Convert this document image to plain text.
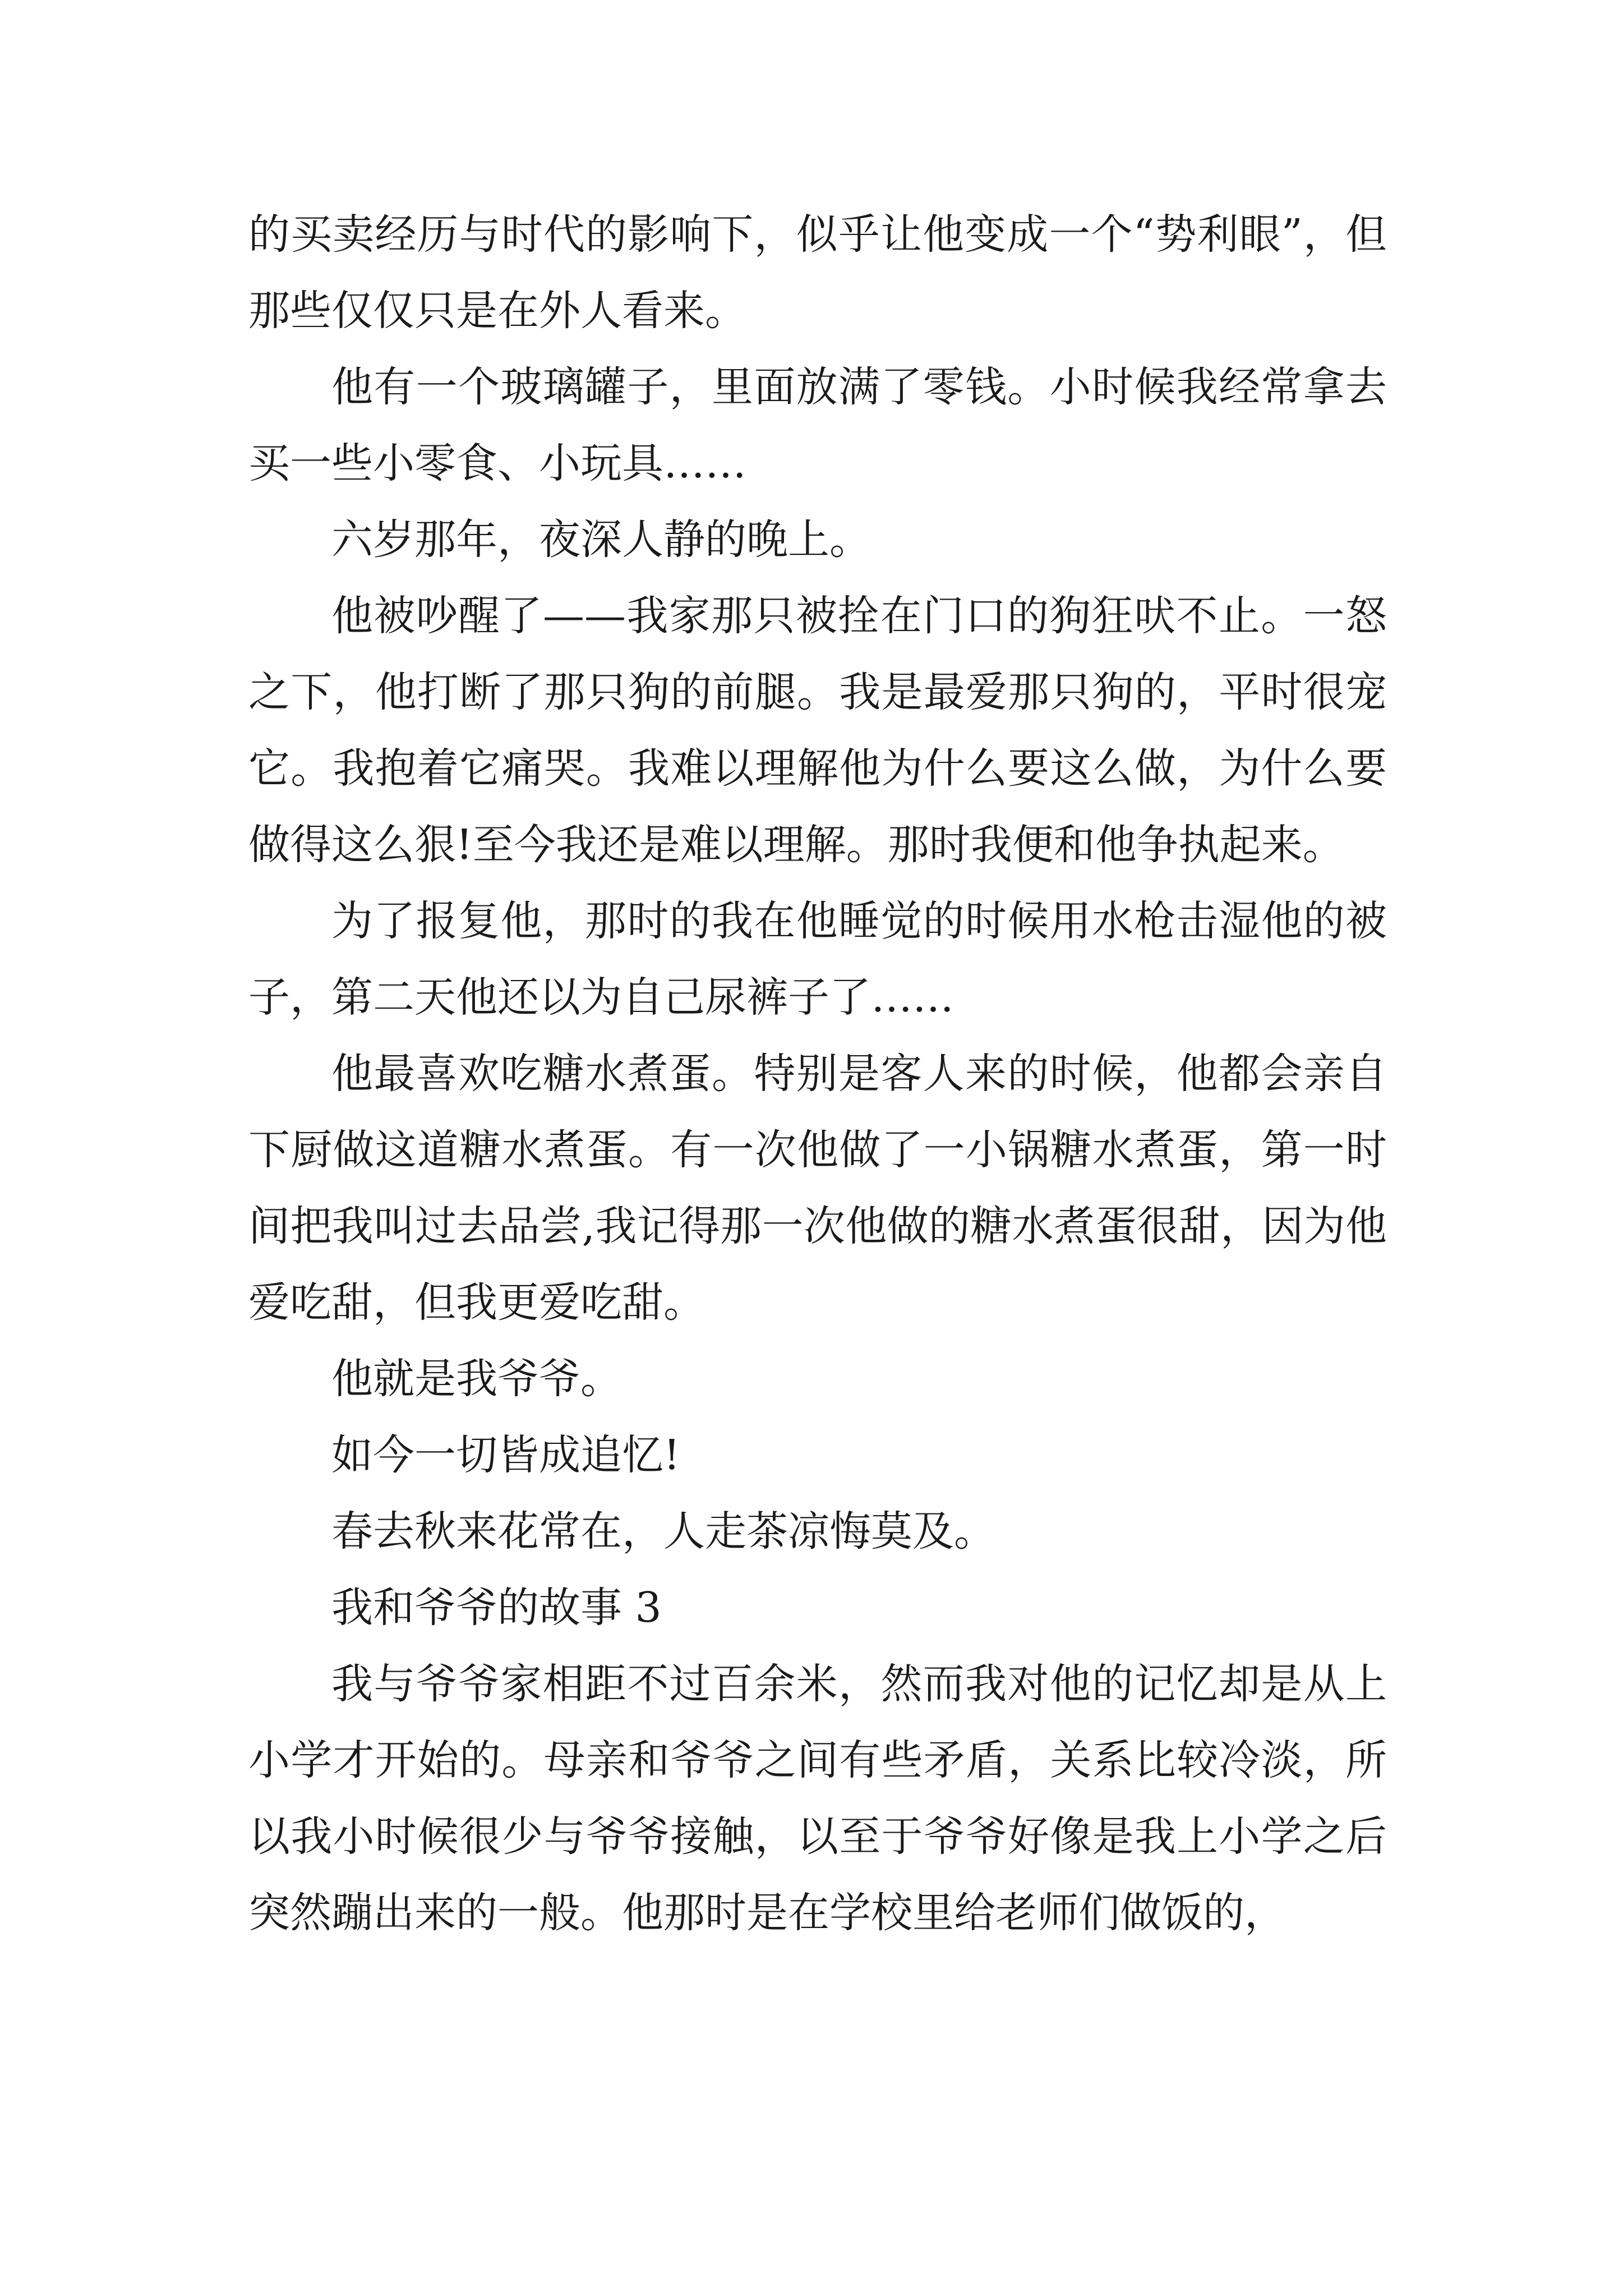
的买卖经历与时代的影响下，似乎让他变成一个“势利眼”，但那些仅仅只是在外人看来。

他有一个玻璃罐子，里面放满了零钱。小时候我经常拿去买一些小零食、小玩具……

六岁那年，夜深人静的晚上。

他被吵醒了——我家那只被拴在门口的狗狂吠不止。一怒之下，他打断了那只狗的前腿。我是最爱那只狗的，平时很宠它。我抱着它痛哭。我难以理解他为什么要这么做，为什么要做得这么狠!至今我还是难以理解。那时我便和他争执起来。

为了报复他，那时的我在他睡觉的时候用水枪击湿他的被子，第二天他还以为自己尿裤子了……

他最喜欢吃糖水煮蛋。特别是客人来的时候，他都会亲自下厨做这道糖水煮蛋。有一次他做了一小锅糖水煮蛋，第一时间把我叫过去品尝,我记得那一次他做的糖水煮蛋很甜，因为他爱吃甜，但我更爱吃甜。

他就是我爷爷。

如今一切皆成追忆!

春去秋来花常在，人走茶凉悔莫及。

我和爷爷的故事 3

我与爷爷家相距不过百余米，然而我对他的记忆却是从上小学才开始的。母亲和爷爷之间有些矛盾，关系比较冷淡，所以我小时候很少与爷爷接触，以至于爷爷好像是我上小学之后突然蹦出来的一般。他那时是在学校里给老师们做饭的，
